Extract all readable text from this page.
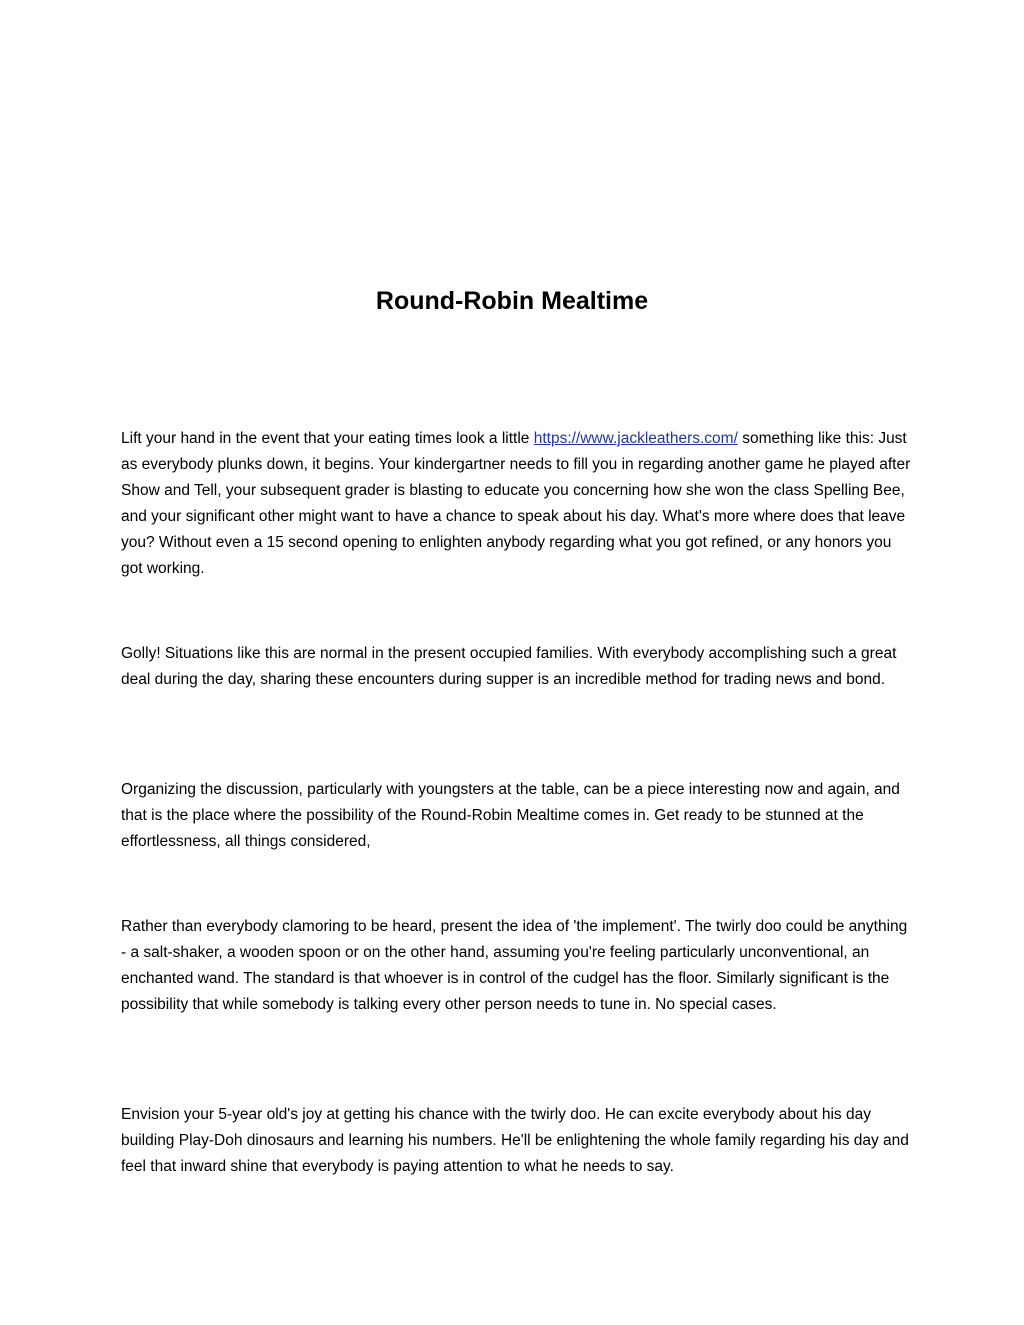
Round-Robin Mealtime

Lift your hand in the event that your eating times look a little https://www.jackleathers.com/ something like this: Just as everybody plunks down, it begins. Your kindergartner needs to fill you in regarding another game he played after Show and Tell, your subsequent grader is blasting to educate you concerning how she won the class Spelling Bee, and your significant other might want to have a chance to speak about his day. What's more where does that leave you? Without even a 15 second opening to enlighten anybody regarding what you got refined, or any honors you got working.

Golly! Situations like this are normal in the present occupied families. With everybody accomplishing such a great deal during the day, sharing these encounters during supper is an incredible method for trading news and bond.

Organizing the discussion, particularly with youngsters at the table, can be a piece interesting now and again, and that is the place where the possibility of the Round-Robin Mealtime comes in. Get ready to be stunned at the effortlessness, all things considered,

Rather than everybody clamoring to be heard, present the idea of 'the implement'. The twirly doo could be anything - a salt-shaker, a wooden spoon or on the other hand, assuming you're feeling particularly unconventional, an enchanted wand. The standard is that whoever is in control of the cudgel has the floor. Similarly significant is the possibility that while somebody is talking every other person needs to tune in. No special cases.

Envision your 5-year old's joy at getting his chance with the twirly doo. He can excite everybody about his day building Play-Doh dinosaurs and learning his numbers. He'll be enlightening the whole family regarding his day and feel that inward shine that everybody is paying attention to what he needs to say.
